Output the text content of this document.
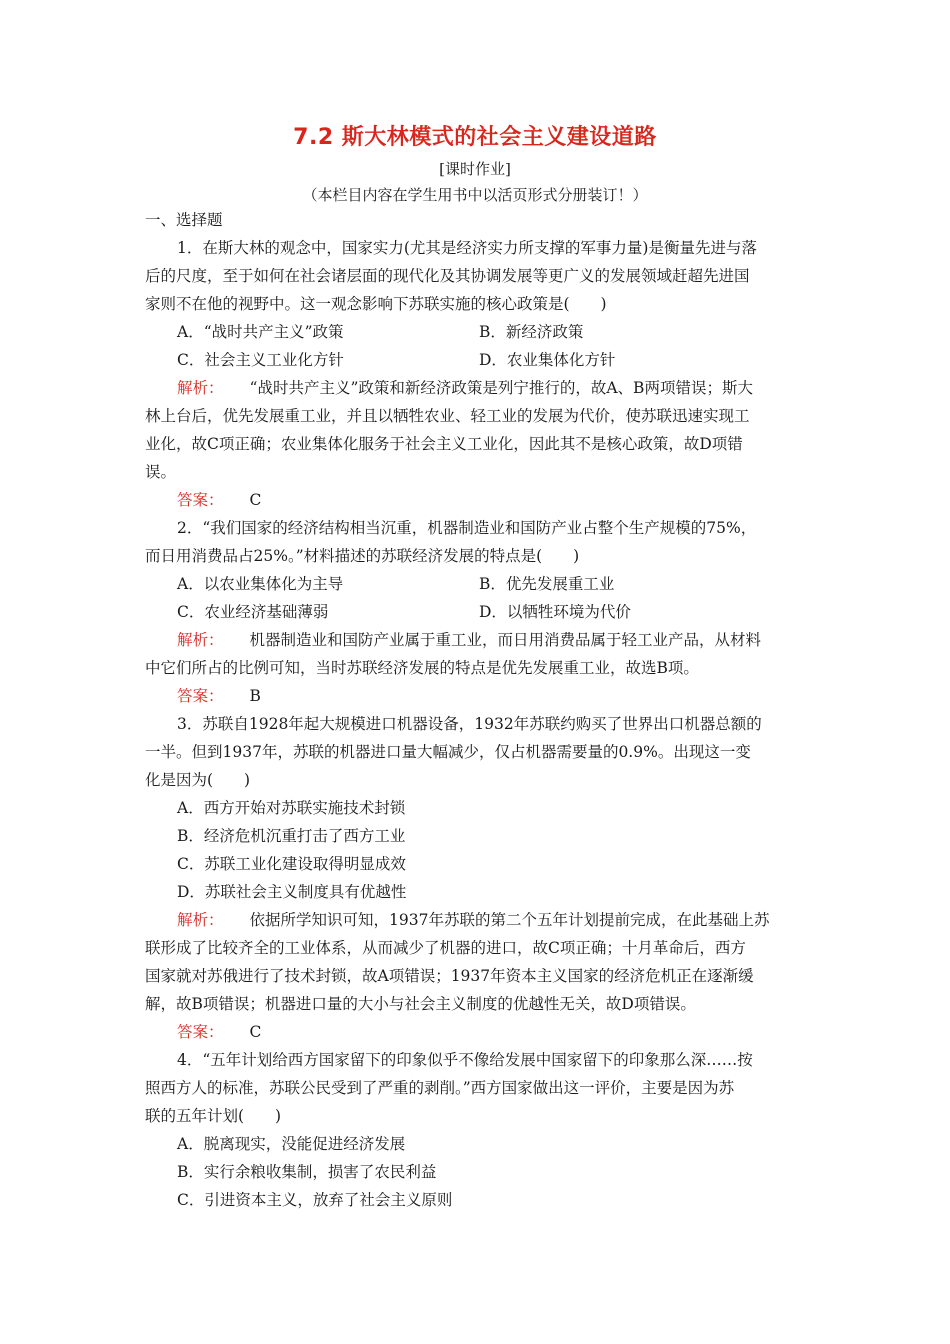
7.2 斯大林模式的社会主义建设道路
[课时作业]
（本栏目内容在学生用书中以活页形式分册装订！）
一、选择题
1．在斯大林的观念中，国家实力(尤其是经济实力所支撑的军事力量)是衡量先进与落
后的尺度，至于如何在社会诸层面的现代化及其协调发展等更广义的发展领域赶超先进国
家则不在他的视野中。这一观念影响下苏联实施的核心政策是(　　)
A．“战时共产主义”政策	B．新经济政策
C．社会主义工业化方针	D．农业集体化方针
解析： “战时共产主义”政策和新经济政策是列宁推行的，故A、B两项错误；斯大
林上台后，优先发展重工业，并且以牺牲农业、轻工业的发展为代价，使苏联迅速实现工
业化，故C项正确；农业集体化服务于社会主义工业化，因此其不是核心政策，故D项错
误。
答案： C
2．“我们国家的经济结构相当沉重，机器制造业和国防产业占整个生产规模的75%，
而日用消费品占25%。”材料描述的苏联经济发展的特点是(　　)
A．以农业集体化为主导	B．优先发展重工业
C．农业经济基础薄弱	D．以牺牲环境为代价
解析： 机器制造业和国防产业属于重工业，而日用消费品属于轻工业产品，从材料
中它们所占的比例可知，当时苏联经济发展的特点是优先发展重工业，故选B项。
答案： B
3．苏联自1928年起大规模进口机器设备，1932年苏联约购买了世界出口机器总额的
一半。但到1937年，苏联的机器进口量大幅减少，仅占机器需要量的0.9%。出现这一变
化是因为(　　)
A．西方开始对苏联实施技术封锁
B．经济危机沉重打击了西方工业
C．苏联工业化建设取得明显成效
D．苏联社会主义制度具有优越性
解析： 依据所学知识可知，1937年苏联的第二个五年计划提前完成，在此基础上苏
联形成了比较齐全的工业体系，从而减少了机器的进口，故C项正确；十月革命后，西方
国家就对苏俄进行了技术封锁，故A项错误；1937年资本主义国家的经济危机正在逐渐缓
解，故B项错误；机器进口量的大小与社会主义制度的优越性无关，故D项错误。
答案： C
4．“五年计划给西方国家留下的印象似乎不像给发展中国家留下的印象那么深……按
照西方人的标准，苏联公民受到了严重的剥削。”西方国家做出这一评价，主要是因为苏
联的五年计划(　　)
A．脱离现实，没能促进经济发展
B．实行余粮收集制，损害了农民利益
C．引进资本主义，放弃了社会主义原则
